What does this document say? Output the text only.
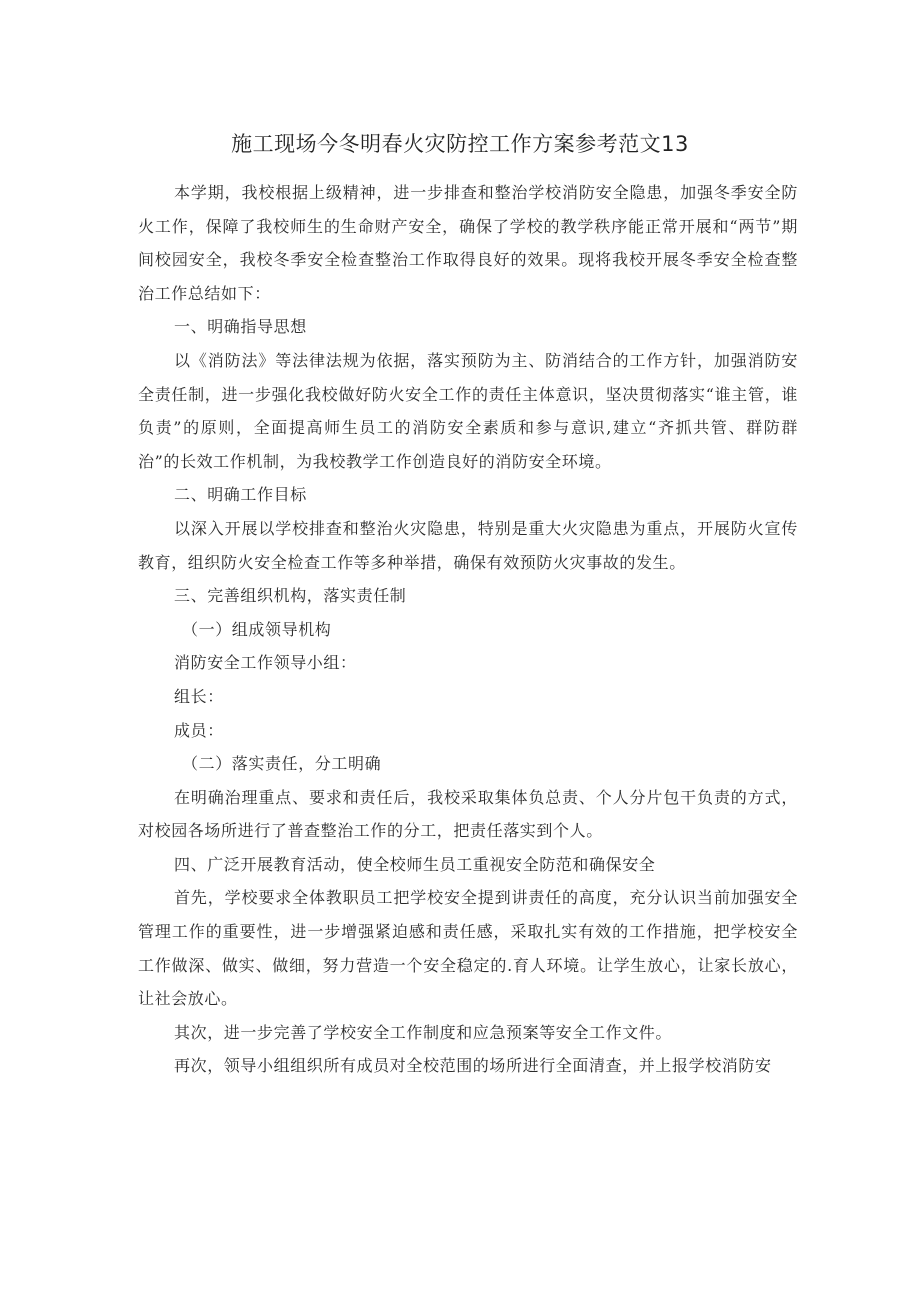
施工现场今冬明春火灾防控工作方案参考范文13

本学期，我校根据上级精神，进一步排查和整治学校消防安全隐患，加强冬季安全防火工作，保障了我校师生的生命财产安全，确保了学校的教学秩序能正常开展和“两节”期间校园安全，我校冬季安全检查整治工作取得良好的效果。现将我校开展冬季安全检查整治工作总结如下：

一、明确指导思想

以《消防法》等法律法规为依据，落实预防为主、防消结合的工作方针，加强消防安全责任制，进一步强化我校做好防火安全工作的责任主体意识，坚决贯彻落实“谁主管，谁负责”的原则，全面提高师生员工的消防安全素质和参与意识,建立“齐抓共管、群防群治”的长效工作机制，为我校教学工作创造良好的消防安全环境。

二、明确工作目标

以深入开展以学校排查和整治火灾隐患，特别是重大火灾隐患为重点，开展防火宣传教育，组织防火安全检查工作等多种举措，确保有效预防火灾事故的发生。

三、完善组织机构，落实责任制

（一）组成领导机构

消防安全工作领导小组：

组长：

成员：

（二）落实责任，分工明确

在明确治理重点、要求和责任后，我校采取集体负总责、个人分片包干负责的方式，对校园各场所进行了普查整治工作的分工，把责任落实到个人。

四、广泛开展教育活动，使全校师生员工重视安全防范和确保安全

首先，学校要求全体教职员工把学校安全提到讲责任的高度，充分认识当前加强安全管理工作的重要性，进一步增强紧迫感和责任感，采取扎实有效的工作措施，把学校安全工作做深、做实、做细，努力营造一个安全稳定的.育人环境。让学生放心，让家长放心，让社会放心。

其次，进一步完善了学校安全工作制度和应急预案等安全工作文件。

再次，领导小组组织所有成员对全校范围的场所进行全面清查，并上报学校消防安
